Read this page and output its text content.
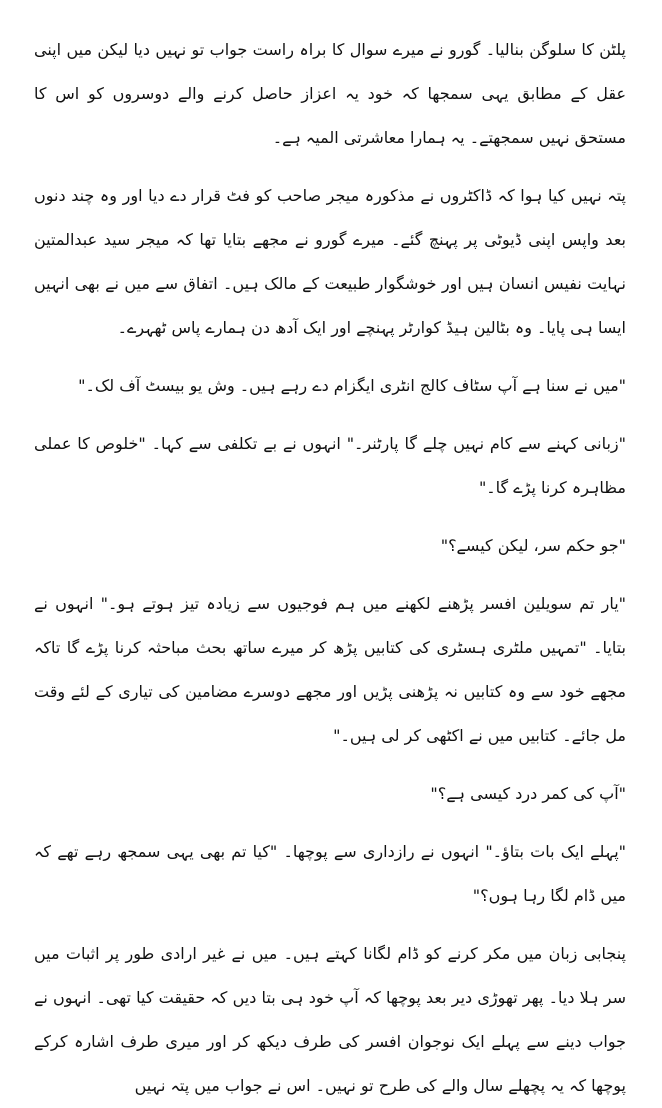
پلٹن کا سلوگن بنالیا۔ گورو نے میرے سوال کا براہ راست جواب تو نہیں دیا لیکن میں اپنی عقل کے مطابق یہی سمجھا کہ خود یہ اعزاز حاصل کرنے والے دوسروں کو اس کا مستحق نہیں سمجھتے۔ یہ ہمارا معاشرتی المیہ ہے۔

پتہ نہیں کیا ہوا کہ ڈاکٹروں نے مذکورہ میجر صاحب کو فٹ قرار دے دیا اور وہ چند دنوں بعد واپس اپنی ڈیوٹی پر پہنچ گئے۔ میرے گورو نے مجھے بتایا تھا کہ میجر سید عبدالمتین نہایت نفیس انسان ہیں اور خوشگوار طبیعت کے مالک ہیں۔ اتفاق سے میں نے بھی انہیں ایسا ہی پایا۔ وہ بٹالین ہیڈ کوارٹر پہنچے اور ایک آدھ دن ہمارے پاس ٹھہرے۔

"میں نے سنا ہے آپ سٹاف کالج انٹری ایگزام دے رہے ہیں۔ وش یو بیسٹ آف لک۔"

"زبانی کہنے سے کام نہیں چلے گا پارٹنر۔" انہوں نے بے تکلفی سے کہا۔ "خلوص کا عملی مظاہرہ کرنا پڑے گا۔"

"جو حکم سر، لیکن کیسے؟"

"یار تم سویلین افسر پڑھنے لکھنے میں ہم فوجیوں سے زیادہ تیز ہوتے ہو۔" انہوں نے بتایا۔ "تمہیں ملٹری ہسٹری کی کتابیں پڑھ کر میرے ساتھ بحث مباحثہ کرنا پڑے گا تاکہ مجھے خود سے وہ کتابیں نہ پڑھنی پڑیں اور مجھے دوسرے مضامین کی تیاری کے لئے وقت مل جائے۔ کتابیں میں نے اکٹھی کر لی ہیں۔"

"آپ کی کمر درد کیسی ہے؟"

"پہلے ایک بات بتاؤ۔" انہوں نے رازداری سے پوچھا۔ "کیا تم بھی یہی سمجھ رہے تھے کہ میں ڈام لگا رہا ہوں؟"

پنجابی زبان میں مکر کرنے کو ڈام لگانا کہتے ہیں۔ میں نے غیر ارادی طور پر اثبات میں سر ہلا دیا۔ پھر تھوڑی دیر بعد پوچھا کہ آپ خود ہی بتا دیں کہ حقیقت کیا تھی۔ انہوں نے جواب دینے سے پہلے ایک نوجوان افسر کی طرف دیکھ کر اور میری طرف اشارہ کرکے پوچھا کہ یہ پچھلے سال والے کی طرح تو نہیں۔ اس نے جواب میں پتہ نہیں
